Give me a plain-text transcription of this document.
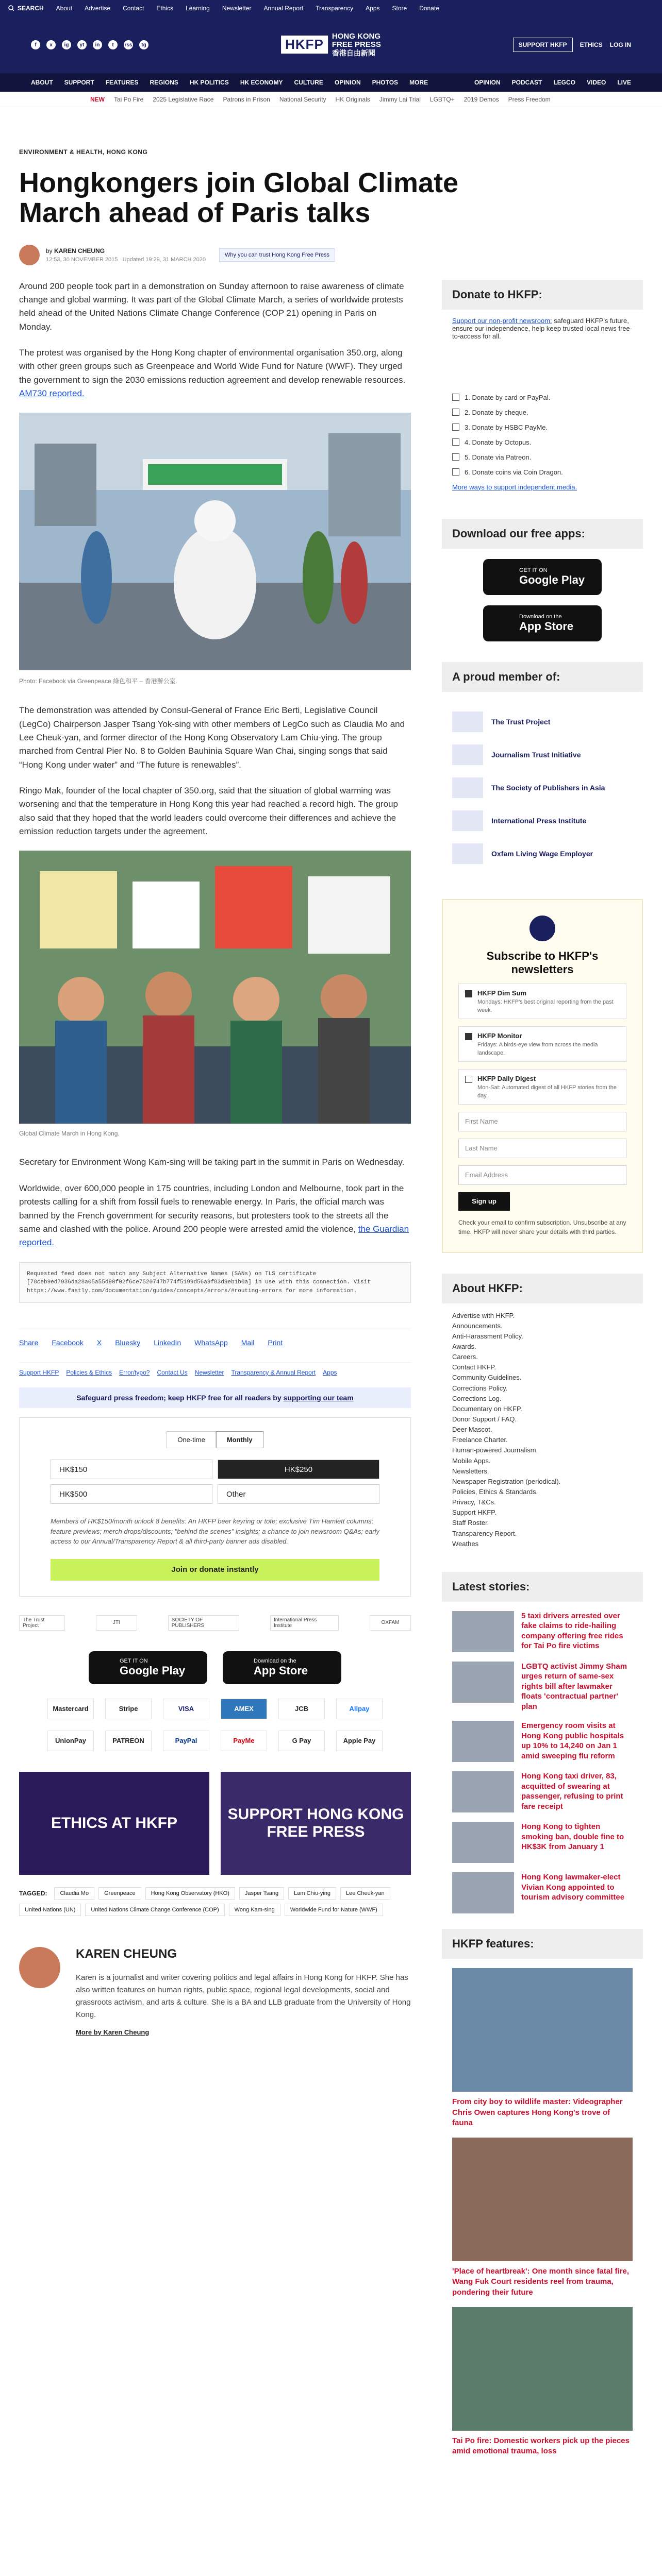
SEARCH About Advertise Contact Ethics Learning Newsletter Annual Report Transparency Apps Store Donate
f	x	ig	yt	in	t	rss	tg	HKFP
HONG KONG
FREE PRESS
香港自由新聞
SUPPORT HKFP	ETHICS LOG IN
ABOUT SUPPORT FEATURES REGIONS HK POLITICS HK ECONOMY CULTURE OPINION PHOTOS MORE	OPINION PODCAST LEGCO VIDEO LIVE
NEW Tai Po Fire 2025 Legislative Race Patrons in Prison National Security HK Originals Jimmy Lai Trial LGBTQ+ 2019 Demos Press Freedom
ENVIRONMENT & HEALTH, HONG KONG
Hongkongers join Global Climate March ahead of Paris talks
by KAREN CHEUNG
12:53, 30 NOVEMBER 2015 Updated 19:29, 31 MARCH 2020
Why you can trust Hong Kong Free Press

Around 200 people took part in a demonstration on Sunday afternoon to raise awareness of climate change and global warming. It was part of the Global Climate March, a series of worldwide protests held ahead of the United Nations Climate Change Conference (COP 21) opening in Paris on Monday.

The protest was organised by the Hong Kong chapter of environmental organisation 350.org, along with other green groups such as Greenpeace and World Wide Fund for Nature (WWF). They urged the government to sign the 2030 emissions reduction agreement and develop renewable resources. AM730 reported.

Photo: Facebook via Greenpeace 綠色和平 – 香港辦公室.

The demonstration was attended by Consul-General of France Eric Berti, Legislative Council (LegCo) Chairperson Jasper Tsang Yok-sing with other members of LegCo such as Claudia Mo and Lee Cheuk-yan, and former director of the Hong Kong Observatory Lam Chiu-ying. The group marched from Central Pier No. 8 to Golden Bauhinia Square Wan Chai, singing songs that said “Hong Kong under water” and “The future is renewables”.

Ringo Mak, founder of the local chapter of 350.org, said that the situation of global warming was worsening and that the temperature in Hong Kong this year had reached a record high. The group also said that they hoped that the world leaders could overcome their differences and achieve the emission reduction targets under the agreement.

Global Climate March in Hong Kong.

Secretary for Environment Wong Kam-sing will be taking part in the summit in Paris on Wednesday.

Worldwide, over 600,000 people in 175 countries, including London and Melbourne, took part in the protests calling for a shift from fossil fuels to renewable energy. In Paris, the official march was banned by the French government for security reasons, but protesters took to the streets all the same and clashed with the police. Around 200 people were arrested amid the violence, the Guardian reported.

Requested feed does not match any Subject Alternative Names (SANs) on TLS certificate [78ceb9ed7936da28a05a55d90f02f6ce7520747b774f5199d56a9f83d9eb1b0a] in use with this connection. Visit https://www.fastly.com/documentation/guides/concepts/errors/#routing-errors for more information.
Share Facebook X Bluesky LinkedIn WhatsApp Mail Print
Support HKFP Policies & Ethics Error/typo? Contact Us Newsletter Transparency & Annual Report Apps
Safeguard press freedom; keep HKFP free for all readers by supporting our team
One-time	Monthly
HK$150	HK$250
HK$500	Other
Members of HK$150/month unlock 8 benefits: An HKFP beer keyring or tote; exclusive Tim Hamlett columns; feature previews; merch drops/discounts; "behind the scenes" insights; a chance to join newsroom Q&As; early access to our Annual/Transparency Report & all third-party banner ads disabled.
Join or donate instantly
The Trust Project	JTI	SOCIETY OF PUBLISHERS
International Press Institute	OXFAM
GET IT ON
Google Play
Download on the
App Store
Mastercard	Stripe	VISA	AMEX	JCB	Alipay
UnionPay	PATREON	PayPal	PayMe	G Pay	Apple Pay
ETHICS AT HKFP
SUPPORT HONG KONG FREE PRESS
TAGGED:	Claudia Mo	Greenpeace	Hong Kong Observatory (HKO)	Jasper Tsang	Lam Chiu-ying	Lee Cheuk-yan
United Nations (UN)	United Nations Climate Change Conference (COP)	Wong Kam-sing	Worldwide Fund for Nature (WWF)
KAREN CHEUNG
Karen is a journalist and writer covering politics and legal affairs in Hong Kong for HKFP. She has also written features on human rights, public space, regional legal developments, social and grassroots activism, and arts & culture. She is a BA and LLB graduate from the University of Hong Kong.
More by Karen Cheung
Donate to HKFP:

Support our non-profit newsroom: safeguard HKFP's future, ensure our independence, help keep trusted local news free-to-access for all.

1. Donate by card or PayPal.
2. Donate by cheque.
3. Donate by HSBC PayMe.
4. Donate by Octopus.
5. Donate via Patreon.
6. Donate coins via Coin Dragon.
More ways to support independent media.
Download our free apps:
GET IT ON
Google Play
Download on the
App Store
A proud member of:
The Trust Project
Journalism Trust Initiative
The Society of Publishers in Asia
International Press Institute
Oxfam Living Wage Employer
Subscribe to HKFP's newsletters
HKFP Dim Sum
Mondays: HKFP's best original reporting from the past week.
HKFP Monitor
Fridays: A birds-eye view from across the media landscape.
HKFP Daily Digest
Mon-Sat: Automated digest of all HKFP stories from the day.
First Name
Last Name
Email Address
Sign up
Check your email to confirm subscription. Unsubscribe at any time. HKFP will never share your details with third parties.
About HKFP:
Advertise with HKFP.
Announcements.
Anti-Harassment Policy.
Awards.
Careers.
Contact HKFP.
Community Guidelines.
Corrections Policy.
Corrections Log.
Documentary on HKFP.
Donor Support / FAQ.
Deer Mascot.
Freelance Charter.
Human-powered Journalism.
Mobile Apps.
Newsletters.
Newspaper Registration (periodical).
Policies, Ethics & Standards.
Privacy, T&Cs.
Support HKFP.
Staff Roster.
Transparency Report.
Weathes
Latest stories:
5 taxi drivers arrested over fake claims to ride-hailing company offering free rides for Tai Po fire victims
LGBTQ activist Jimmy Sham urges return of same-sex rights bill after lawmaker floats 'contractual partner' plan
Emergency room visits at Hong Kong public hospitals up 10% to 14,240 on Jan 1 amid sweeping flu reform
Hong Kong taxi driver, 83, acquitted of swearing at passenger, refusing to print fare receipt
Hong Kong to tighten smoking ban, double fine to HK$3K from January 1
Hong Kong lawmaker-elect Vivian Kong appointed to tourism advisory committee
HKFP features:
From city boy to wildlife master: Videographer Chris Owen captures Hong Kong's trove of fauna
'Place of heartbreak': One month since fatal fire, Wang Fuk Court residents reel from trauma, pondering their future
Tai Po fire: Domestic workers pick up the pieces amid emotional trauma, loss
